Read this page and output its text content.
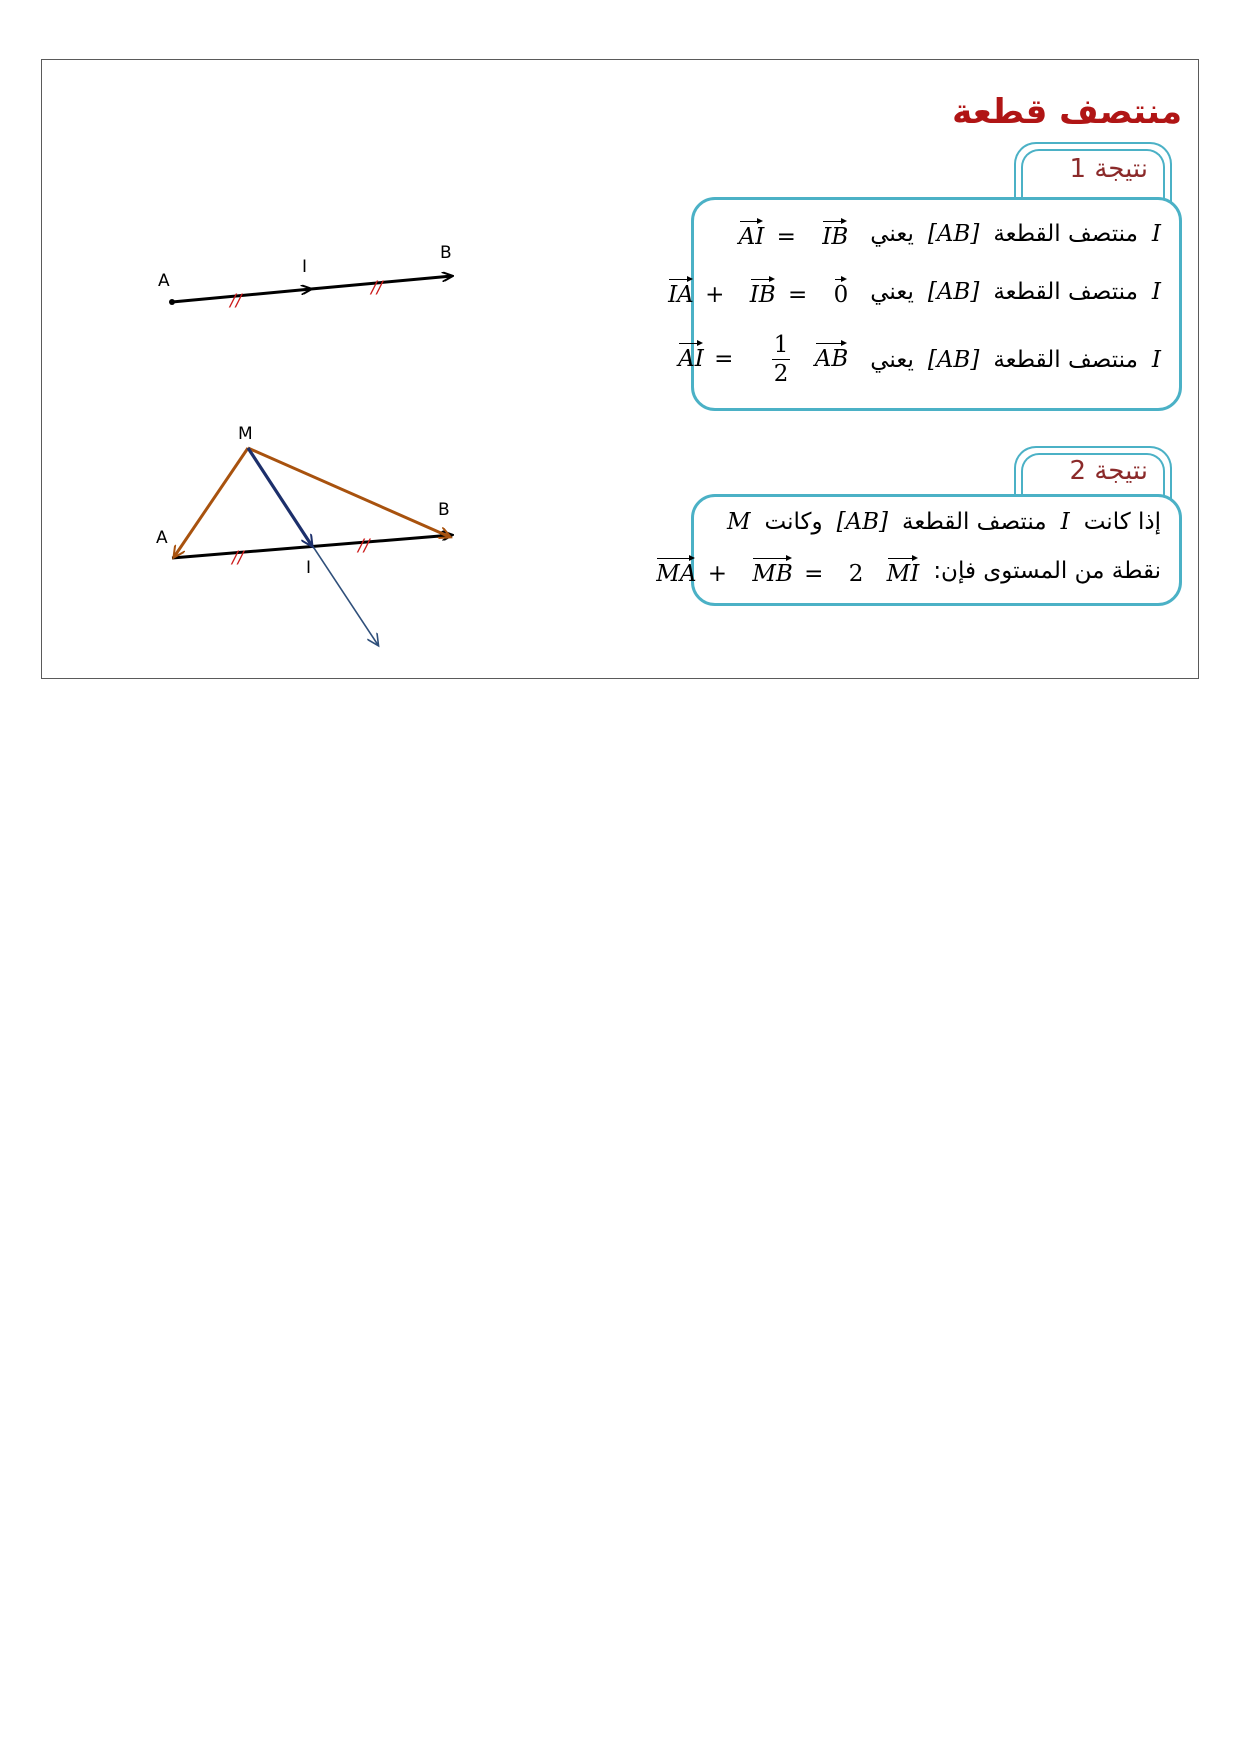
منتصف قطعة
نتيجة 1
I
منتصف القطعة
[AB]
يعني
AI = IB
I
منتصف القطعة
[AB]
يعني
IA + IB = 0
I
منتصف القطعة
[AB]
يعني
AI = $\frac{1}{2}$ AB
نتيجة 2
إذا كانت
I
منتصف القطعة
[AB]
وكانت
M
نقطة من المستوى فإن:
MA + MB = 2 MI
A
I
B
//
//
M
A
B
I
//
//
